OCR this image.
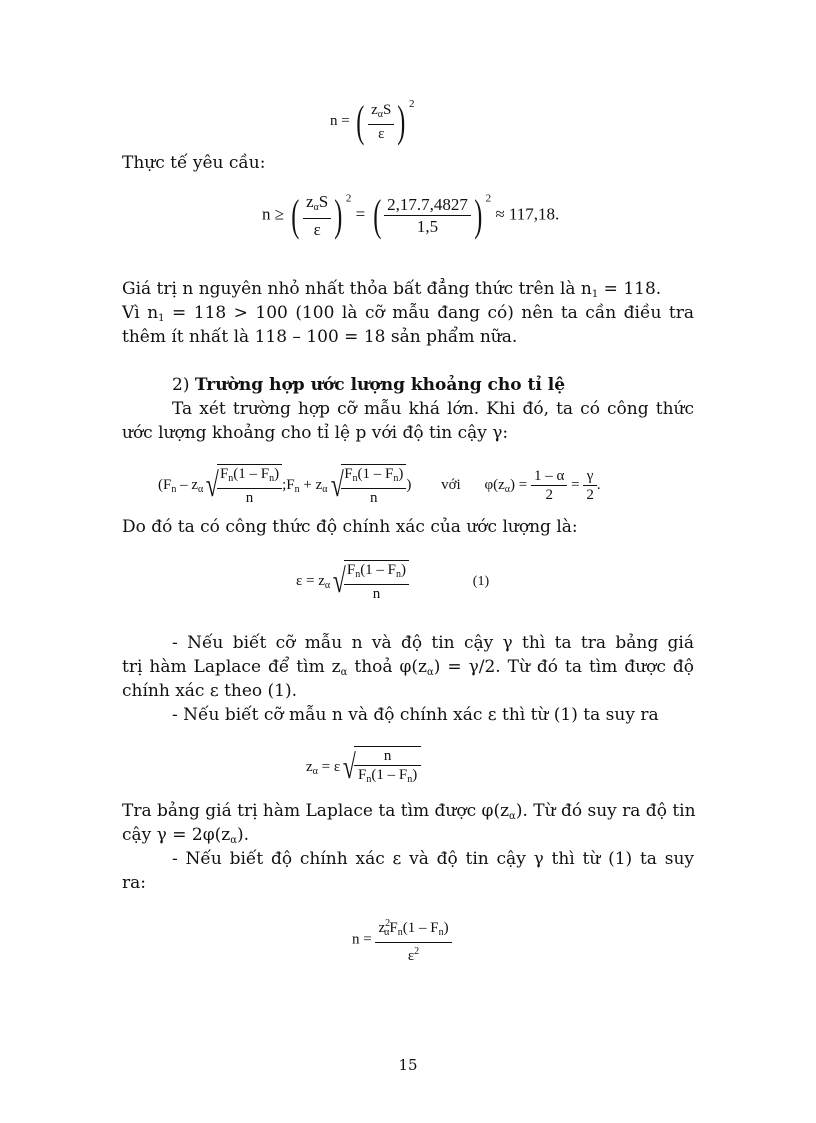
n = ( $z_\alpha S$
ε ) $^2$
Thực tế yêu cầu:
n ≥ ( $z_\alpha S$
ε ) $^2$ = ( $\frac{2,17.7,4827}{1,5}$ ) $^2$ ≈ 117,18.
Giá trị n nguyên nhỏ nhất thỏa bất đẳng thức trên là $n_1 = 118$.
Vì $n_1 = 118 > 100$ (100 là cỡ mẫu đang có) nên ta cần điều tra
thêm ít nhất là 118 – 100 = 18 sản phẩm nữa.
2) Trường hợp ước lượng khoảng cho tỉ lệ
Ta xét trường hợp cỡ mẫu khá lớn. Khi đó, ta có công thức
ước lượng khoảng cho tỉ lệ p với độ tin cậy γ:
($F_n - z_\alpha√$
$\frac{F_n(1 - F_n)}{n}$ $;F_n + z_\alpha√$
$\frac{F_n(1 - F_n)}{n}$ ) với $\varphi(z_\alpha) = \frac{1 - \alpha}{2} = \frac{\gamma}{2}$ .
Do đó ta có công thức độ chính xác của ước lượng là:
$\varepsilon = z_\alpha√$
$\frac{F_n(1 - F_n)}{n}$	(1)
- Nếu biết cỡ mẫu n và độ tin cậy γ thì ta tra bảng giá
trị hàm Laplace để tìm $z_\alpha$ thoả $\varphi(z_\alpha) = \gamma/2$. Từ đó ta tìm được độ
chính xác ε theo (1).
- Nếu biết cỡ mẫu n và độ chính xác ε thì từ (1) ta suy ra
$z_\alpha = \varepsilon√$
$\frac{n}{F_n(1 - F_n)}$
Tra bảng giá trị hàm Laplace ta tìm được $\varphi(z_\alpha)$. Từ đó suy ra độ tin
cậy $\gamma = 2\varphi(z_\alpha)$.
- Nếu biết độ chính xác ε và độ tin cậy γ thì từ (1) ta suy
ra:
n =
$z^2_\alpha F_n(1 - F_n)$
$\varepsilon^2$
15
